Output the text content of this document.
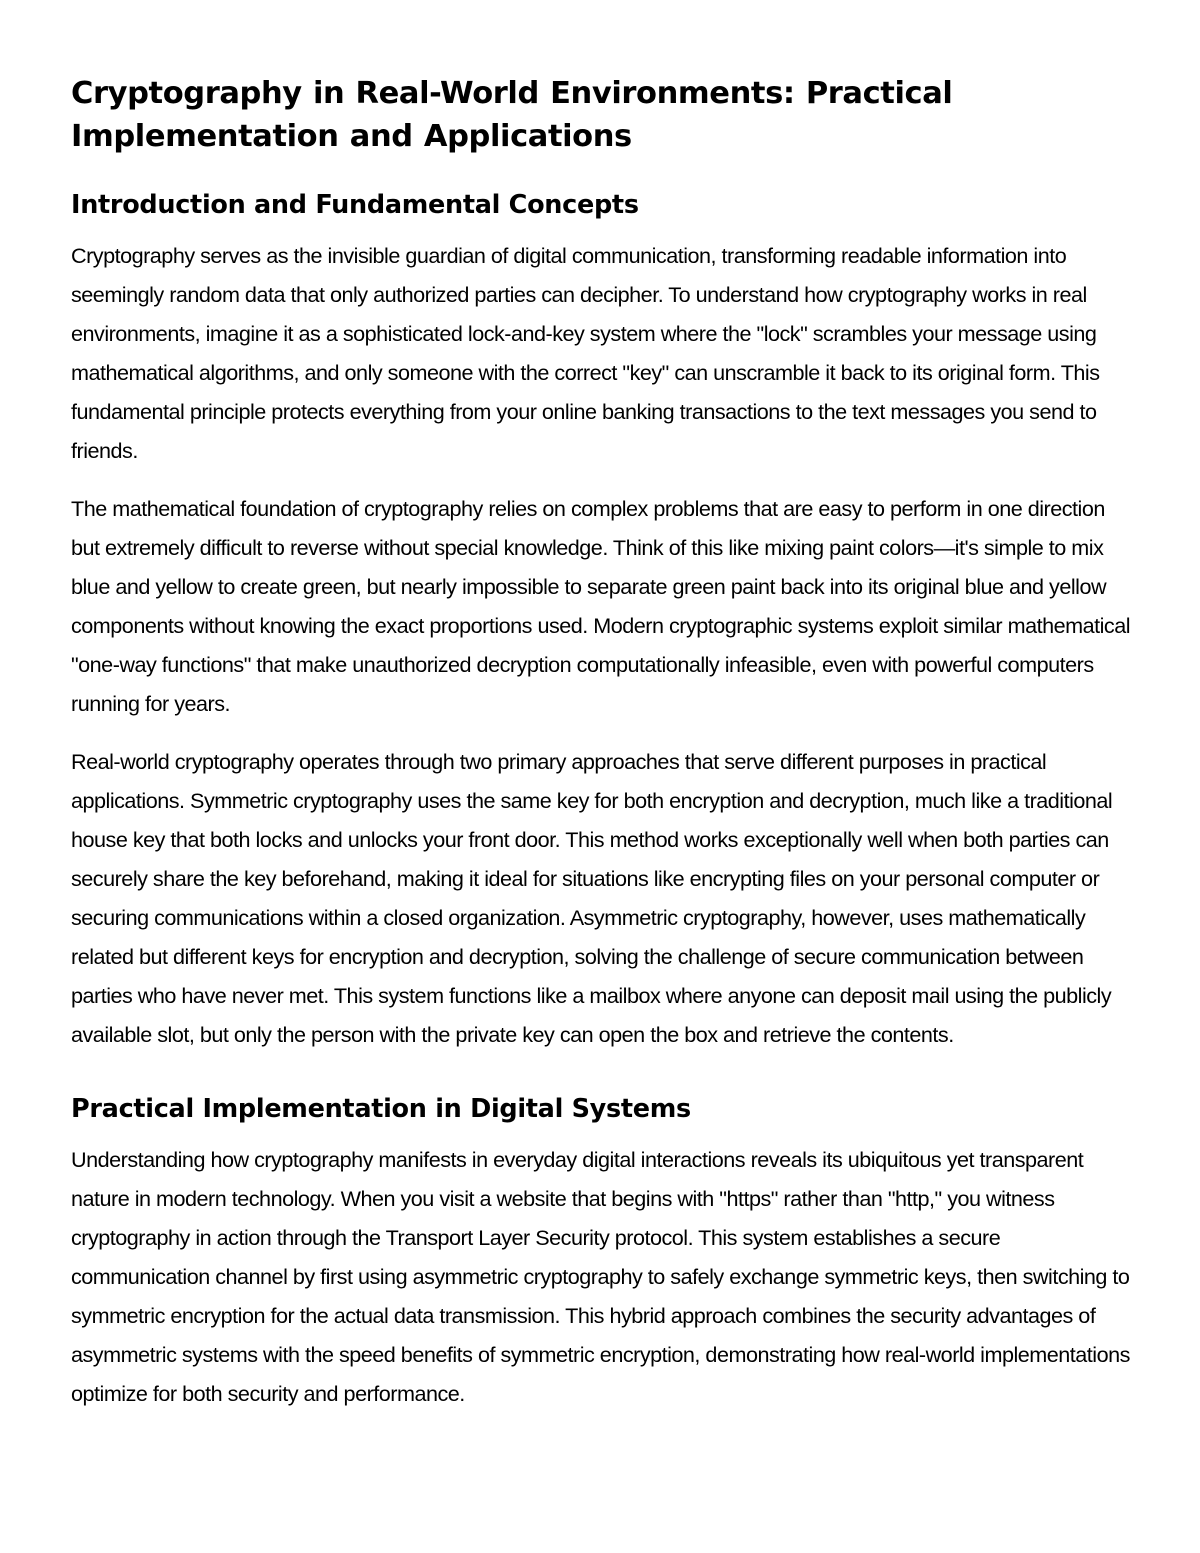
Cryptography in Real-World Environments: Practical Implementation and Applications
Introduction and Fundamental Concepts

Cryptography serves as the invisible guardian of digital communication, transforming readable information into seemingly random data that only authorized parties can decipher. To understand how cryptography works in real environments, imagine it as a sophisticated lock-and-key system where the "lock" scrambles your message using mathematical algorithms, and only someone with the correct "key" can unscramble it back to its original form. This fundamental principle protects everything from your online banking transactions to the text messages you send to friends.

The mathematical foundation of cryptography relies on complex problems that are easy to perform in one direction but extremely difficult to reverse without special knowledge. Think of this like mixing paint colors—it's simple to mix blue and yellow to create green, but nearly impossible to separate green paint back into its original blue and yellow components without knowing the exact proportions used. Modern cryptographic systems exploit similar mathematical "one-way functions" that make unauthorized decryption computationally infeasible, even with powerful computers running for years.

Real-world cryptography operates through two primary approaches that serve different purposes in practical applications. Symmetric cryptography uses the same key for both encryption and decryption, much like a traditional house key that both locks and unlocks your front door. This method works exceptionally well when both parties can securely share the key beforehand, making it ideal for situations like encrypting files on your personal computer or securing communications within a closed organization. Asymmetric cryptography, however, uses mathematically related but different keys for encryption and decryption, solving the challenge of secure communication between parties who have never met. This system functions like a mailbox where anyone can deposit mail using the publicly available slot, but only the person with the private key can open the box and retrieve the contents.

Practical Implementation in Digital Systems

Understanding how cryptography manifests in everyday digital interactions reveals its ubiquitous yet transparent nature in modern technology. When you visit a website that begins with "https" rather than "http," you witness cryptography in action through the Transport Layer Security protocol. This system establishes a secure communication channel by first using asymmetric cryptography to safely exchange symmetric keys, then switching to symmetric encryption for the actual data transmission. This hybrid approach combines the security advantages of asymmetric systems with the speed benefits of symmetric encryption, demonstrating how real-world implementations optimize for both security and performance.
